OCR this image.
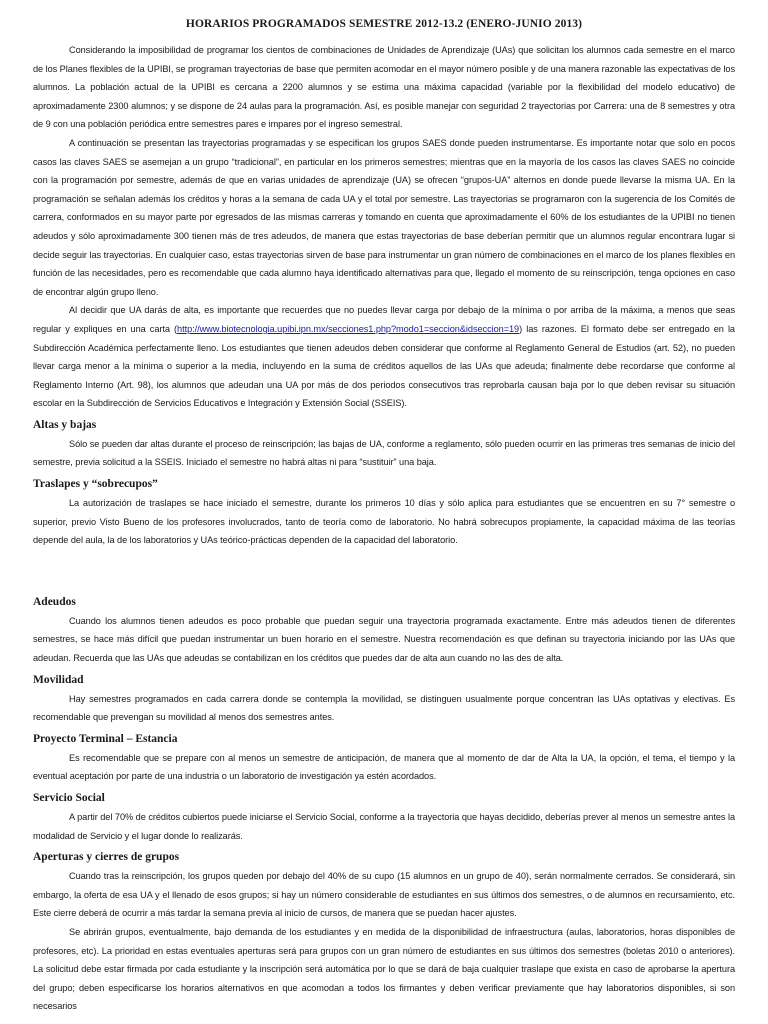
HORARIOS PROGRAMADOS SEMESTRE 2012-13.2 (ENERO-JUNIO 2013)

Considerando la imposibilidad de programar los cientos de combinaciones de Unidades de Aprendizaje (UAs) que solicitan los alumnos cada semestre en el marco de los Planes flexibles de la UPIBI, se programan trayectorias de base que permiten acomodar en el mayor número posible y de una manera razonable las expectativas de los alumnos. La población actual de la UPIBI es cercana a 2200 alumnos y se estima una máxima capacidad (variable por la flexibilidad del modelo educativo) de aproximadamente 2300 alumnos; y se dispone de 24 aulas para la programación. Así, es posible manejar con seguridad 2 trayectorias por Carrera: una de 8 semestres y otra de 9 con una población periódica entre semestres pares e impares por el ingreso semestral.

A continuación se presentan las trayectorias programadas y se especifican los grupos SAES donde pueden instrumentarse. Es importante notar que solo en pocos casos las claves SAES se asemejan a un grupo “tradicional”, en particular en los primeros semestres; mientras que en la mayoría de los casos las claves SAES no coincide con la programación por semestre, además de que en varias unidades de aprendizaje (UA) se ofrecen “grupos-UA” alternos en donde puede llevarse la misma UA. En la programación se señalan además los créditos y horas a la semana de cada UA y el total por semestre. Las trayectorias se programaron con la sugerencia de los Comités de carrera, conformados en su mayor parte por egresados de las mismas carreras y tomando en cuenta que aproximadamente el 60% de los estudiantes de la UPIBI no tienen adeudos y sólo aproximadamente 300 tienen más de tres adeudos, de manera que estas trayectorias de base deberían permitir que un alumnos regular encontrara lugar si decide seguir las trayectorias. En cualquier caso, estas trayectorias sirven de base para instrumentar un gran número de combinaciones en el marco de los planes flexibles en función de las necesidades, pero es recomendable que cada alumno haya identificado alternativas para que, llegado el momento de su reinscripción, tenga opciones en caso de encontrar algún grupo lleno.

Al decidir que UA darás de alta, es importante que recuerdes que no puedes llevar carga por debajo de la mínima o por arriba de la máxima, a menos que seas regular y expliques en una carta (http://www.biotecnologia.upibi.ipn.mx/secciones1.php?modo1=seccion&idseccion=19) las razones. El formato debe ser entregado en la Subdirección Académica perfectamente lleno. Los estudiantes que tienen adeudos deben considerar que conforme al Reglamento General de Estudios (art. 52), no pueden llevar carga menor a la mínima o superior a la media, incluyendo en la suma de créditos aquellos de las UAs que adeuda; finalmente debe recordarse que conforme al Reglamento Interno (Art. 98), los alumnos que adeudan una UA por más de dos periodos consecutivos tras reprobarla causan baja por lo que deben revisar su situación escolar en la Subdirección de Servicios Educativos e Integración y Extensión Social (SSEIS).

Altas y bajas

Sólo se pueden dar altas durante el proceso de reinscripción; las bajas de UA, conforme a reglamento, sólo pueden ocurrir en las primeras tres semanas de inicio del semestre, previa solicitud a la SSEIS. Iniciado el semestre no habrá altas ni para “sustituir” una baja.

Traslapes y “sobrecupos”

La autorización de traslapes se hace iniciado el semestre, durante los primeros 10 días y sólo aplica para estudiantes que se encuentren en su 7° semestre o superior, previo Visto Bueno de los profesores involucrados, tanto de teoría como de laboratorio. No habrá sobrecupos propiamente, la capacidad máxima de las teorías depende del aula, la de los laboratorios y UAs teórico-prácticas dependen de la capacidad del laboratorio.

Adeudos

Cuando los alumnos tienen adeudos es poco probable que puedan seguir una trayectoria programada exactamente. Entre más adeudos tienen de diferentes semestres, se hace más difícil que puedan instrumentar un buen horario en el semestre. Nuestra recomendación es que definan su trayectoria iniciando por las UAs que adeudan. Recuerda que las UAs que adeudas se contabilizan en los créditos que puedes dar de alta aun cuando no las des de alta.

Movilidad

Hay semestres programados en cada carrera donde se contempla la movilidad, se distinguen usualmente porque concentran las UAs optativas y electivas. Es recomendable que prevengan su movilidad al menos dos semestres antes.

Proyecto Terminal – Estancia

Es recomendable que se prepare con al menos un semestre de anticipación, de manera que al momento de dar de Alta la UA, la opción, el tema, el tiempo y la eventual aceptación por parte de una industria o un laboratorio de investigación ya estén acordados.

Servicio Social

A partir del 70% de créditos cubiertos puede iniciarse el Servicio Social, conforme a la trayectoria que hayas decidido, deberías prever al menos un semestre antes la modalidad de Servicio y el lugar donde lo realizarás.

Aperturas y cierres de grupos

Cuando tras la reinscripción, los grupos queden por debajo del 40% de su cupo (15 alumnos en un grupo de 40), serán normalmente cerrados. Se considerará, sin embargo, la oferta de esa UA y el llenado de esos grupos; si hay un número considerable de estudiantes en sus últimos dos semestres, o de alumnos en recursamiento, etc. Este cierre deberá de ocurrir a más tardar la semana previa al inicio de cursos, de manera que se puedan hacer ajustes.

Se abrirán grupos, eventualmente, bajo demanda de los estudiantes y en medida de la disponibilidad de infraestructura (aulas, laboratorios, horas disponibles de profesores, etc). La prioridad en estas eventuales aperturas será para grupos con un gran número de estudiantes en sus últimos dos semestres (boletas 2010 o anteriores). La solicitud debe estar firmada por cada estudiante y la inscripción será automática por lo que se dará de baja cualquier traslape que exista en caso de aprobarse la apertura del grupo; deben especificarse los horarios alternativos en que acomodan a todos los firmantes y deben verificar previamente que hay laboratorios disponibles, si son necesarios
